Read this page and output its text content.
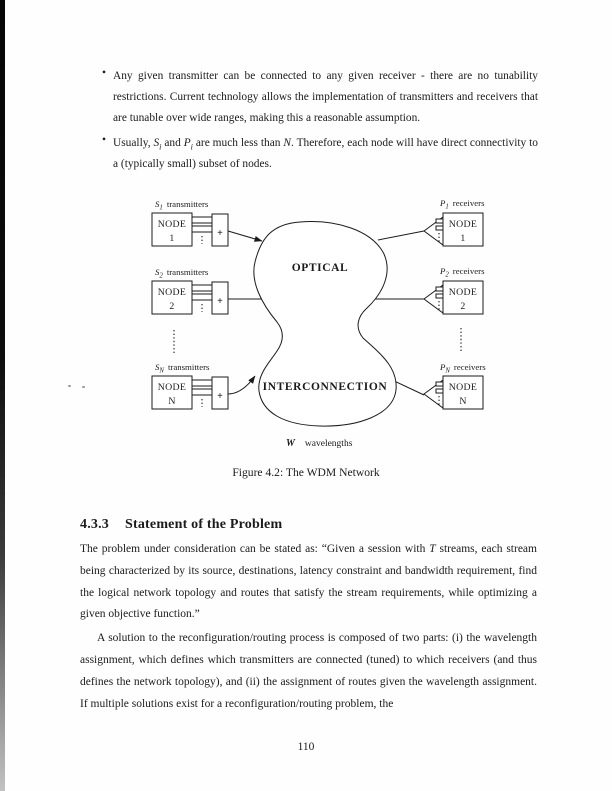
• Any given transmitter can be connected to any given receiver - there are no tunability restrictions. Current technology allows the implementation of transmitters and receivers that are tunable over wide ranges, making this a reasonable assumption.
• Usually, $S_i$ and $P_i$ are much less than N. Therefore, each node will have direct connectivity to a (typically small) subset of nodes.
OPTICAL
INTERCONNECTION
$S_1$ transmitters
NODE
1	+
$S_2$ transmitters
NODE
2	+
$S_N$ transmitters
NODE
N	+
$P_1$ receivers
NODE
1
$P_2$ receivers
NODE
2
$P_N$ receivers
NODE
N
W wavelengths
Figure 4.2: The WDM Network
4.3.3 Statement of the Problem

The problem under consideration can be stated as: “Given a session with T streams, each stream being characterized by its source, destinations, latency constraint and bandwidth requirement, find the logical network topology and routes that satisfy the stream requirements, while optimizing a given objective function.”

A solution to the reconfiguration/routing process is composed of two parts: (i) the wavelength assignment, which defines which transmitters are connected (tuned) to which receivers (and thus defines the network topology), and (ii) the assignment of routes given the wavelength assignment. If multiple solutions exist for a reconfiguration/routing problem, the

110
